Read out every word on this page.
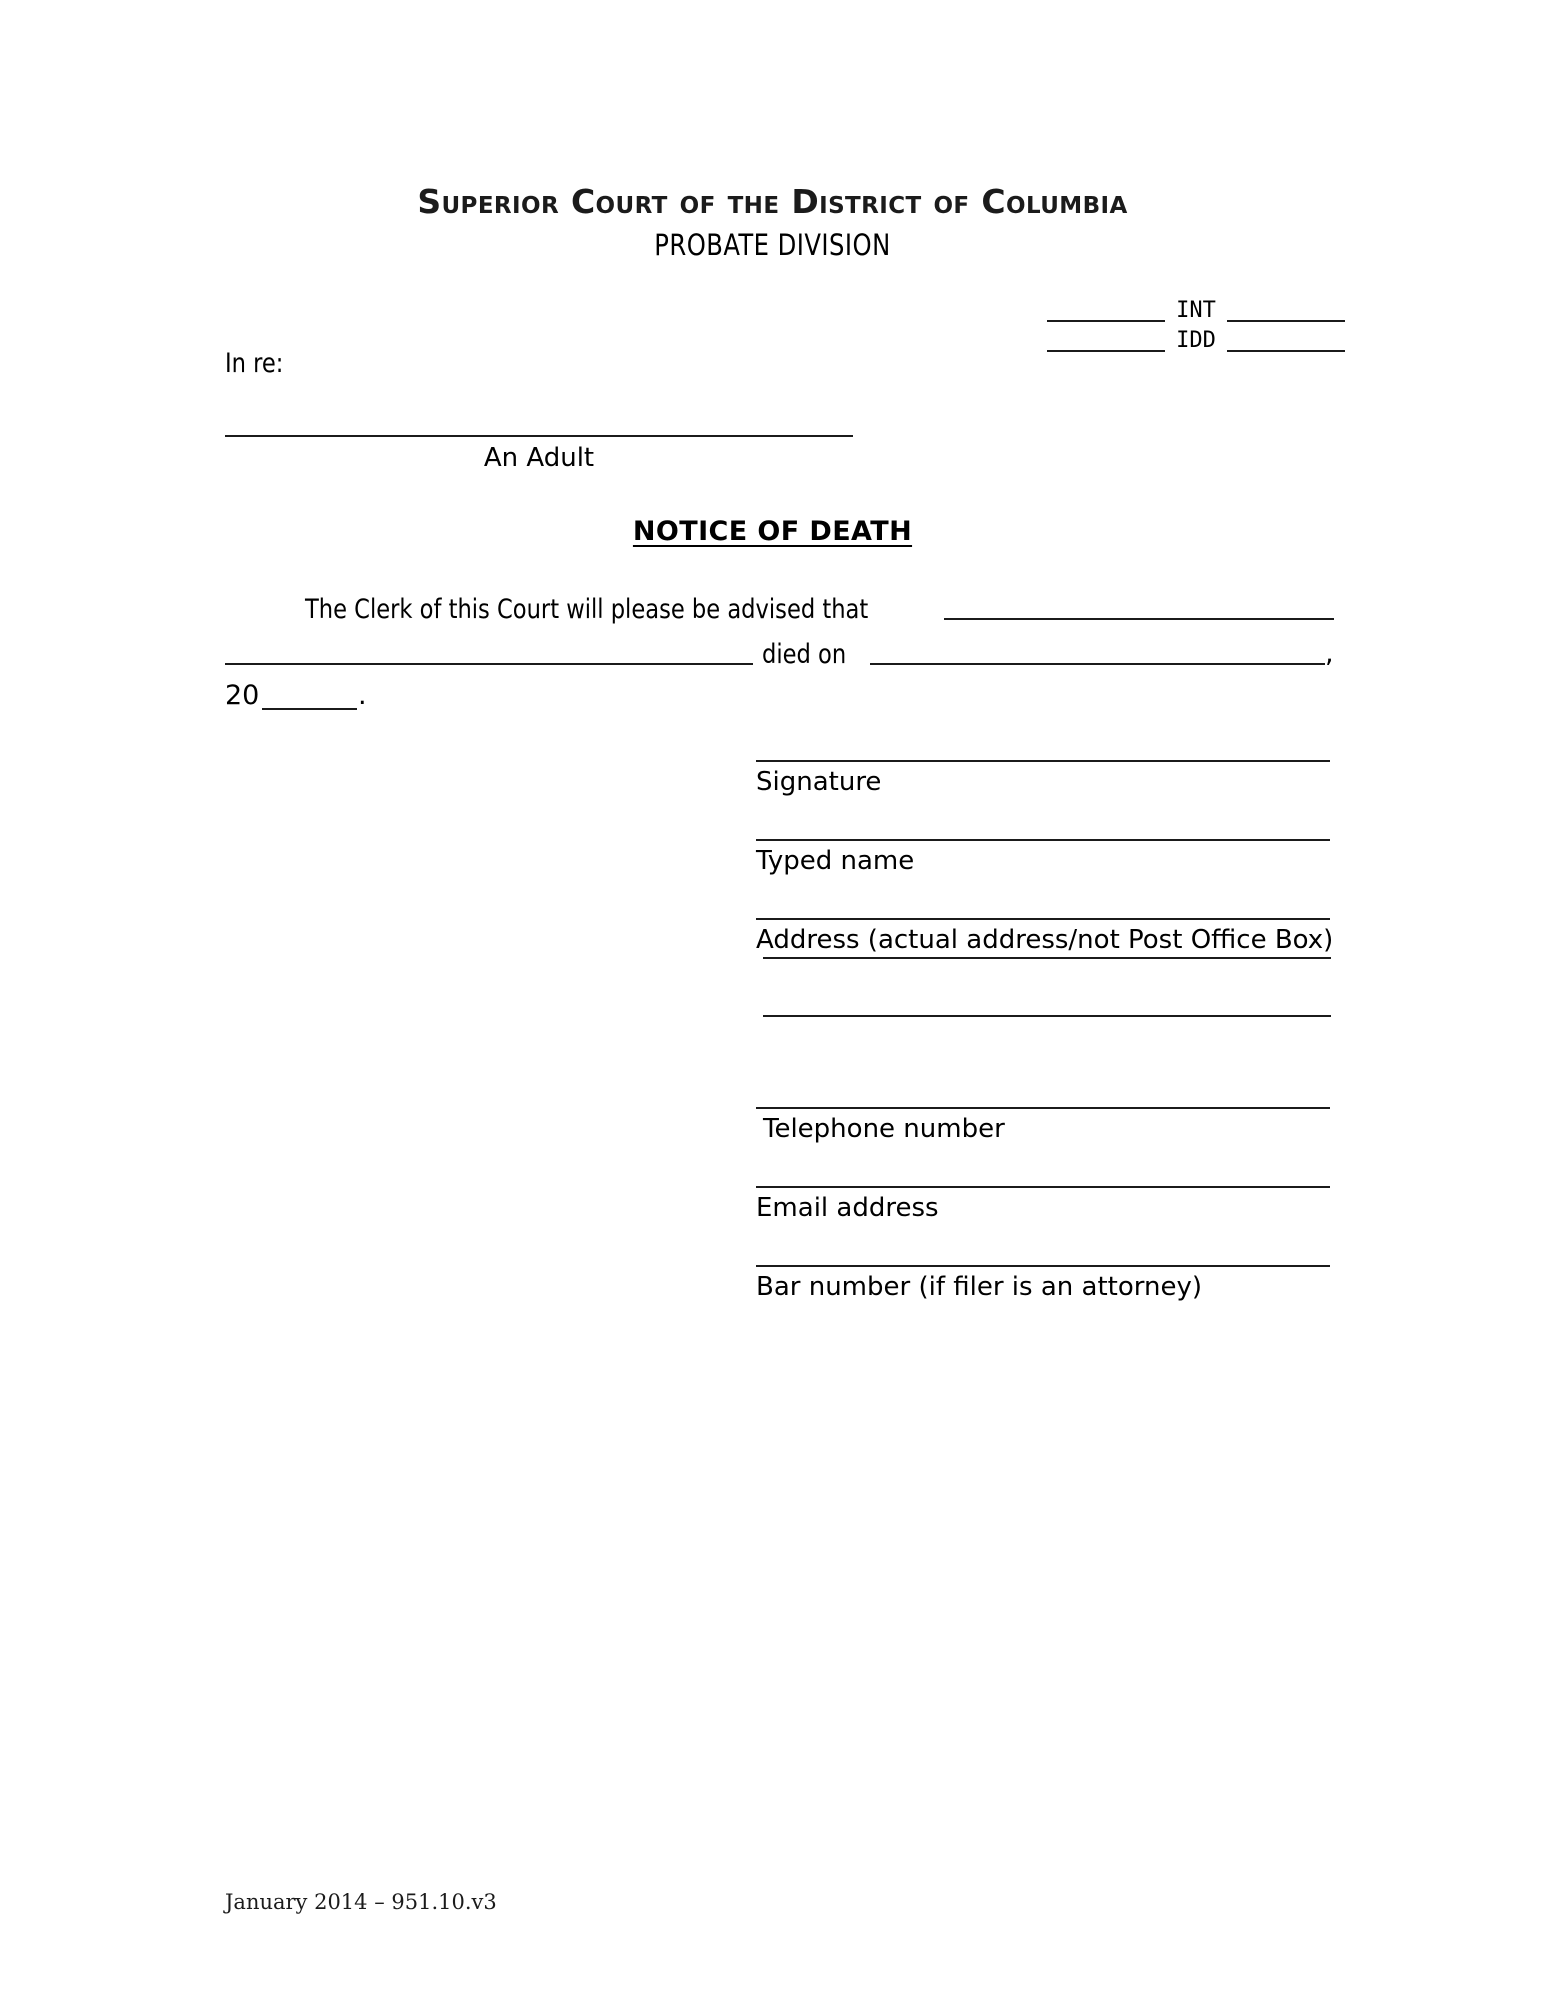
Superior Court of the District of Columbia
PROBATE DIVISION
INT
IDD
In re:
An Adult
NOTICE OF DEATH
The Clerk of this Court will please be advised that
died on	,
20	.
Signature
Typed name
Address (actual address/not Post Office Box)
Telephone number
Email address
Bar number (if filer is an attorney)
January 2014 – 951.10.v3
